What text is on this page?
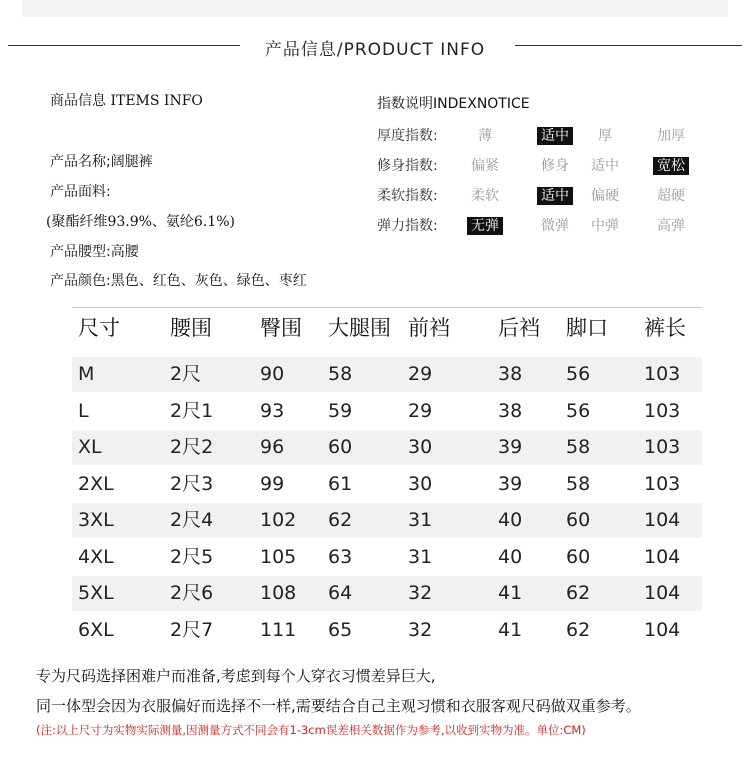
产品信息/PRODUCT INFO
商品信息 ITEMS INFO
产品名称;阔腿裤
产品面料:
(聚酯纤维93.9%、氨纶6.1%)
产品腰型:高腰
产品颜色:黑色、红色、灰色、绿色、枣红
指数说明INDEXNOTICE
厚度指数:	薄	适中	厚	加厚
修身指数:	偏紧	修身	适中	宽松
柔软指数:	柔软	适中	偏硬	超硬
弹力指数:	无弹	微弹	中弹	高弹
尺寸 腰围 臀围 大腿围 前裆 后裆 脚口 裤长
M	2尺	90 58	29	38 56	103
L	2尺1 93 59	29	38 56	103
XL	2尺2 96 60	30	39 58	103
2XL	2尺3 99 61	30	39 58	103
3XL	2尺4 102 62	31	40 60	104
4XL	2尺5 105 63	31	40 60	104
5XL	2尺6 108 64	32	41 62	104
6XL	2尺7 111 65	32	41 62	104
专为尺码选择困难户而准备,考虑到每个人穿衣习惯差异巨大,
同一体型会因为衣服偏好而选择不一样,需要结合自己主观习惯和衣服客观尺码做双重参考。
(注:以上尺寸为实物实际测量,因测量方式不同会有1-3cm误差相关数据作为参考,以收到实物为准。单位:CM)
